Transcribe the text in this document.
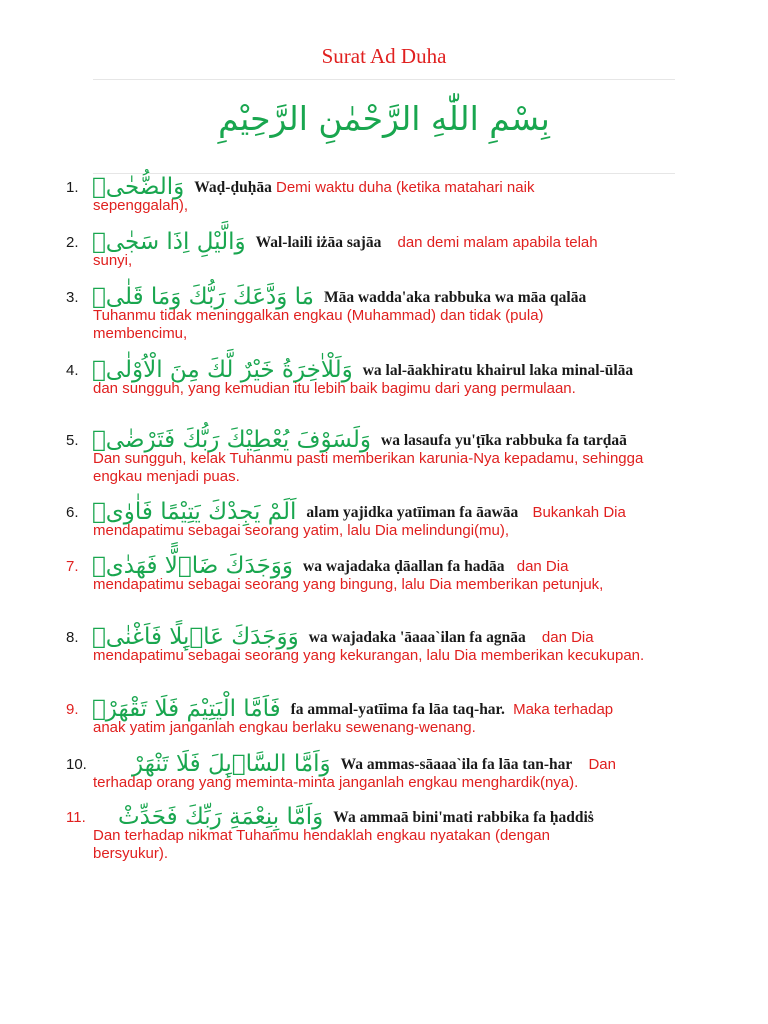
Surat Ad Duha
بِسْمِ اللّٰهِ الرَّحْمٰنِ الرَّحِيْمِ
1. وَالضُّحٰىۙ Waḍ-ḍuḥāa Demi waktu duha (ketika matahari naik
sepenggalah),
2. وَالَّيْلِ اِذَا سَجٰىۙ Wal-laili iżāa sajāa dan demi malam apabila telah
sunyi,
3. مَا وَدَّعَكَ رَبُّكَ وَمَا قَلٰىۗ Māa wadda'aka rabbuka wa māa qalāa
Tuhanmu tidak meninggalkan engkau (Muhammad) dan tidak (pula) membencimu,
4. وَلَلْاٰخِرَةُ خَيْرٌ لَّكَ مِنَ الْاُوْلٰىۗ wa lal-āakhiratu khairul laka minal-ūlāa
dan sungguh, yang kemudian itu lebih baik bagimu dari yang permulaan.
5. وَلَسَوْفَ يُعْطِيْكَ رَبُّكَ فَتَرْضٰىۗ wa lasaufa yu'ṭīka rabbuka fa tarḍaā
Dan sungguh, kelak Tuhanmu pasti memberikan karunia-Nya kepadamu, sehingga engkau menjadi puas.
6. اَلَمْ يَجِدْكَ يَتِيْمًا فَاٰوٰىۖ alam yajidka yatīiman fa āawāa Bukankah Dia
mendapatimu sebagai seorang yatim, lalu Dia melindungi(mu),
7. وَوَجَدَكَ ضَاۤلًّا فَهَدٰىۖ wa wajadaka ḍāallan fa hadāa dan Dia
mendapatimu sebagai seorang yang bingung, lalu Dia memberikan petunjuk,
8. وَوَجَدَكَ عَاۤىِٕلًا فَاَغْنٰىۗ wa wajadaka 'āaaa`ilan fa agnāa dan Dia
mendapatimu sebagai seorang yang kekurangan, lalu Dia memberikan kecukupan.
9. فَاَمَّا الْيَتِيْمَ فَلَا تَقْهَرْۗ fa ammal-yatīima fa lāa taq-har. Maka terhadap
anak yatim janganlah engkau berlaku sewenang-wenang.
10. وَاَمَّا السَّاۤىِٕلَ فَلَا تَنْهَرْ Wa ammas-sāaaa`ila fa lāa tan-har Dan
terhadap orang yang meminta-minta janganlah engkau menghardik(nya).
11. وَاَمَّا بِنِعْمَةِ رَبِّكَ فَحَدِّثْ Wa ammaā bini'mati rabbika fa ḥaddiṡ
Dan terhadap nikmat Tuhanmu hendaklah engkau nyatakan (dengan bersyukur).
